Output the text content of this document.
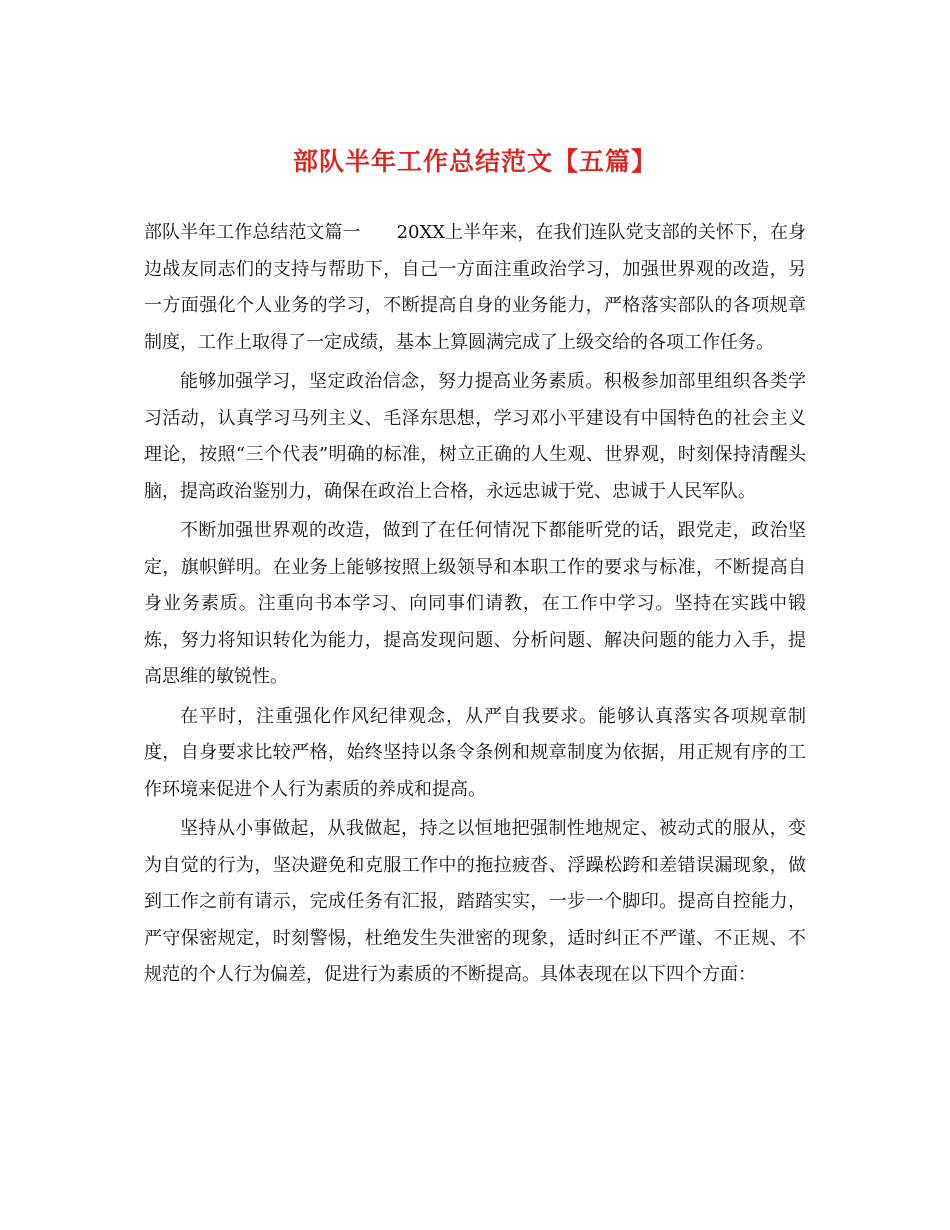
部队半年工作总结范文【五篇】

部队半年工作总结范文篇一 20XX上半年来，在我们连队党支部的关怀下，在身边战友同志们的支持与帮助下，自己一方面注重政治学习，加强世界观的改造，另一方面强化个人业务的学习，不断提高自身的业务能力，严格落实部队的各项规章制度，工作上取得了一定成绩，基本上算圆满完成了上级交给的各项工作任务。

能够加强学习，坚定政治信念，努力提高业务素质。积极参加部里组织各类学习活动，认真学习马列主义、毛泽东思想，学习邓小平建设有中国特色的社会主义理论，按照“三个代表”明确的标准，树立正确的人生观、世界观，时刻保持清醒头脑，提高政治鉴别力，确保在政治上合格，永远忠诚于党、忠诚于人民军队。

不断加强世界观的改造，做到了在任何情况下都能听党的话，跟党走，政治坚定，旗帜鲜明。在业务上能够按照上级领导和本职工作的要求与标准，不断提高自身业务素质。注重向书本学习、向同事们请教，在工作中学习。坚持在实践中锻炼，努力将知识转化为能力，提高发现问题、分析问题、解决问题的能力入手，提高思维的敏锐性。

在平时，注重强化作风纪律观念，从严自我要求。能够认真落实各项规章制度，自身要求比较严格，始终坚持以条令条例和规章制度为依据，用正规有序的工作环境来促进个人行为素质的养成和提高。

坚持从小事做起，从我做起，持之以恒地把强制性地规定、被动式的服从，变为自觉的行为，坚决避免和克服工作中的拖拉疲沓、浮躁松跨和差错误漏现象，做到工作之前有请示，完成任务有汇报，踏踏实实，一步一个脚印。提高自控能力，严守保密规定，时刻警惕，杜绝发生失泄密的现象，适时纠正不严谨、不正规、不规范的个人行为偏差，促进行为素质的不断提高。具体表现在以下四个方面：
